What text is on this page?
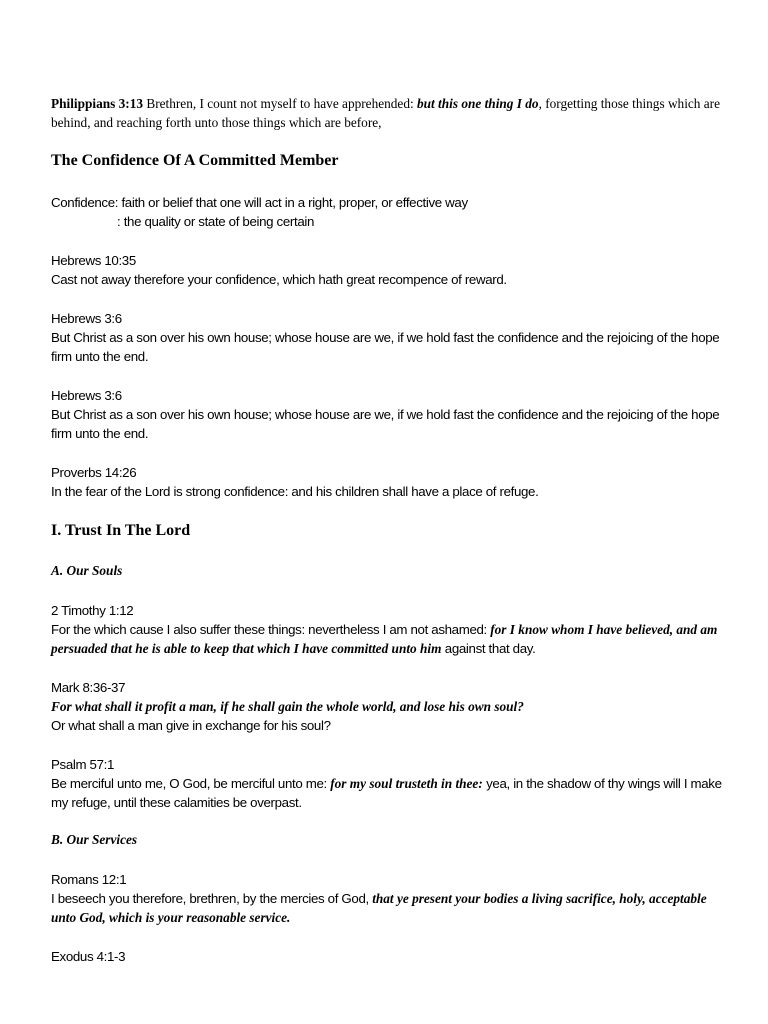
Philippians 3:13 Brethren, I count not myself to have apprehended: but this one thing I do, forgetting those things which are behind, and reaching forth unto those things which are before,
The Confidence Of A Committed Member
Confidence: faith or belief that one will act in a right, proper, or effective way
: the quality or state of being certain
Hebrews 10:35
Cast not away therefore your confidence, which hath great recompence of reward.
Hebrews 3:6
But Christ as a son over his own house; whose house are we, if we hold fast the confidence and the rejoicing of the hope firm unto the end.
Hebrews 3:6
But Christ as a son over his own house; whose house are we, if we hold fast the confidence and the rejoicing of the hope firm unto the end.
Proverbs 14:26
In the fear of the Lord is strong confidence: and his children shall have a place of refuge.
I. Trust In The Lord
A. Our Souls
2 Timothy 1:12
For the which cause I also suffer these things: nevertheless I am not ashamed: for I know whom I have believed, and am persuaded that he is able to keep that which I have committed unto him against that day.
Mark 8:36-37
For what shall it profit a man, if he shall gain the whole world, and lose his own soul?
Or what shall a man give in exchange for his soul?
Psalm 57:1
Be merciful unto me, O God, be merciful unto me: for my soul trusteth in thee: yea, in the shadow of thy wings will I make my refuge, until these calamities be overpast.
B. Our Services
Romans 12:1
I beseech you therefore, brethren, by the mercies of God, that ye present your bodies a living sacrifice, holy, acceptable unto God, which is your reasonable service.
Exodus 4:1-3
